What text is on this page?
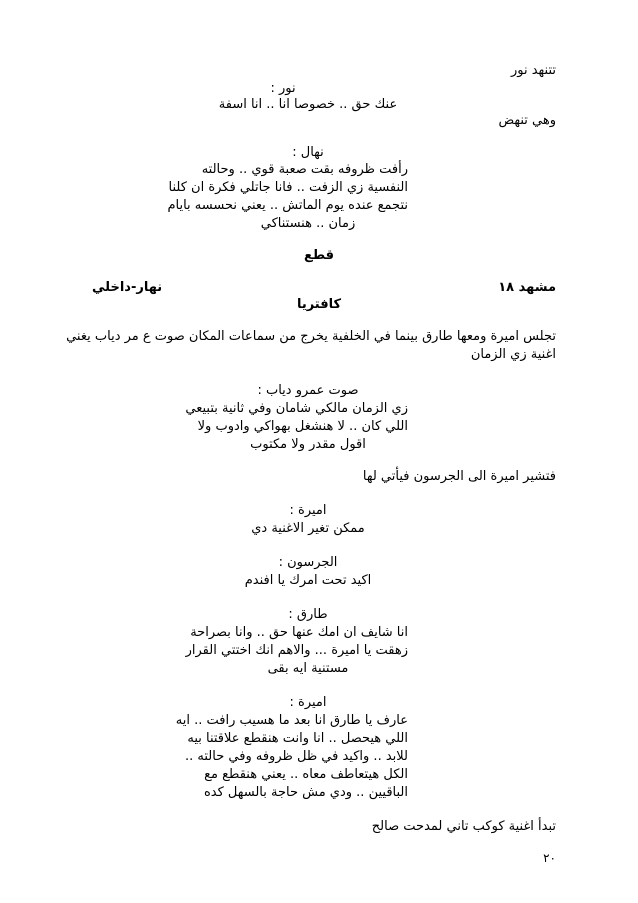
تتنهد نور

نور :

عنك حق .. خصوصا انا .. انا اسفة

وهي تنهض

نهال :

رأفت ظروفه بقت صعبة قوي .. وحالته

النفسية زي الزفت .. فانا جاتلي فكرة ان كلنا

نتجمع عنده يوم الماتش .. يعني نحسسه بايام

زمان .. هنستناكي

قطع

مشهد ١٨
نهار-داخلي

كافتريا

تجلس اميرة ومعها طارق بينما في الخلفية يخرج من سماعات المكان صوت ع مر دياب يغني

اغنية زي الزمان

صوت عمرو دياب :

زي الزمان مالكي شامان وفي ثانية بتبيعي

اللي كان .. لا هنشغل بهواكي وادوب ولا

اقول مقدر ولا مكتوب

فتشير اميرة الى الجرسون فيأتي لها

اميرة :

ممكن تغير الاغنية دي

الجرسون :

اكيد تحت امرك يا افندم

طارق :

انا شايف ان امك عنها حق .. وانا بصراحة

زهقت يا اميرة ... والاهم انك اختتي القرار

مستنية ايه بقى

اميرة :

عارف يا طارق انا بعد ما هسيب رافت .. ايه

اللي هيحصل .. انا وانت هنقطع علاقتنا بيه

للابد .. واكيد في ظل ظروفه وفي حالته ..

الكل هيتعاطف معاه .. يعني هنقطع مع

الباقيين .. ودي مش حاجة بالسهل كده

تبدأ اغنية كوكب تاني لمدحت صالح

٢٠
